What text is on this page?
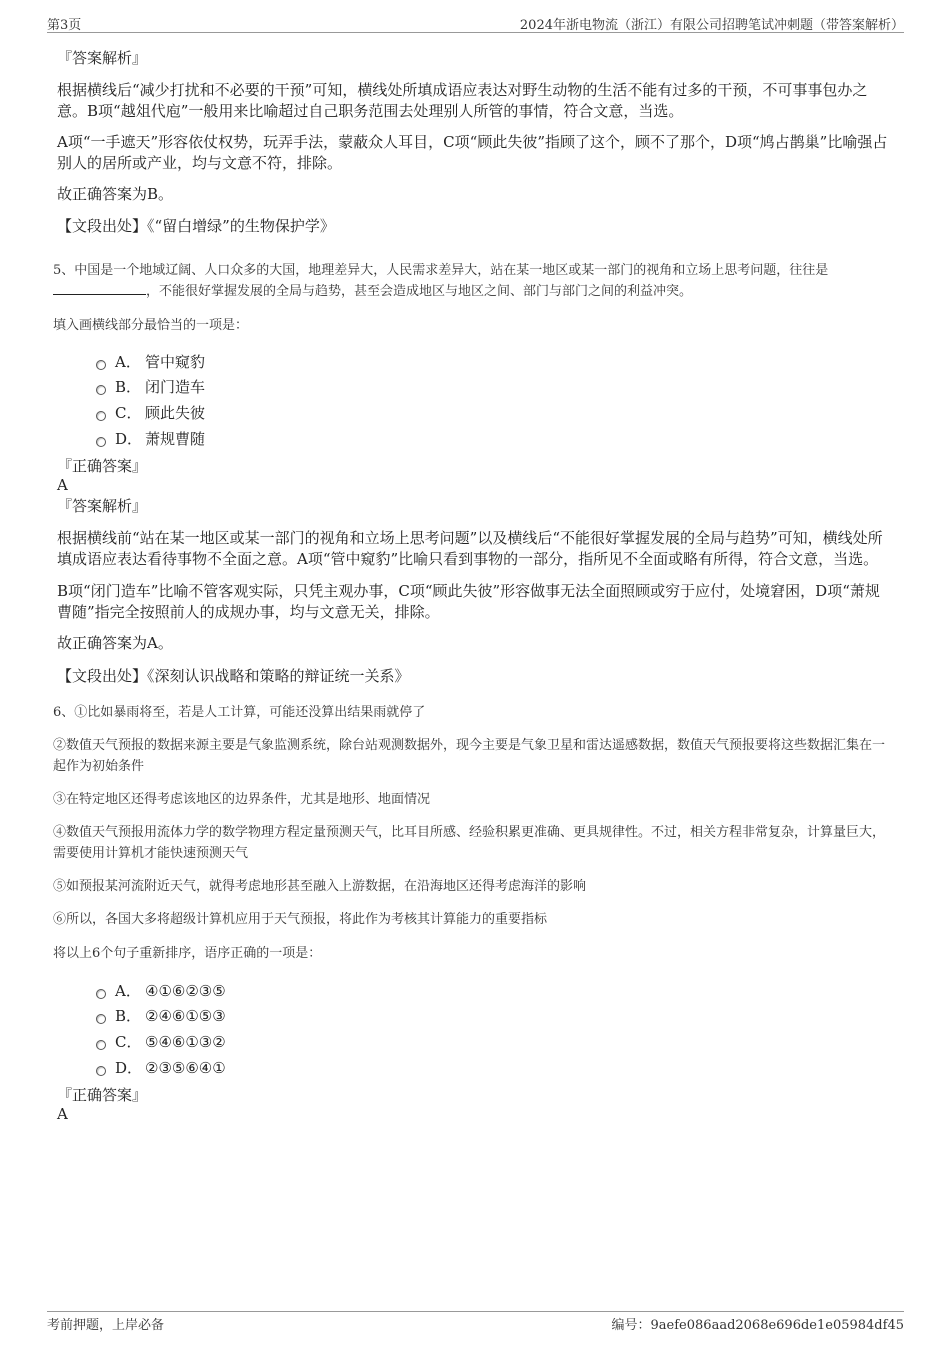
第3页	2024年浙电物流（浙江）有限公司招聘笔试冲刺题（带答案解析）
『答案解析』
根据横线后“减少打扰和不必要的干预”可知，横线处所填成语应表达对野生动物的生活不能有过多的干预，不可事事包办之意。B项“越俎代庖”一般用来比喻超过自己职务范围去处理别人所管的事情，符合文意，当选。
A项“一手遮天”形容依仗权势，玩弄手法，蒙蔽众人耳目，C项“顾此失彼”指顾了这个，顾不了那个，D项“鸠占鹊巢”比喻强占别人的居所或产业，均与文意不符，排除。
故正确答案为B。
【文段出处】《“留白增绿”的生物保护学》
5、中国是一个地域辽阔、人口众多的大国，地理差异大，人民需求差异大，站在某一地区或某一部门的视角和立场上思考问题，往往是
，不能很好掌握发展的全局与趋势，甚至会造成地区与地区之间、部门与部门之间的利益冲突。
填入画横线部分最恰当的一项是：
A． 管中窥豹
B． 闭门造车
C． 顾此失彼
D． 萧规曹随
『正确答案』
A
『答案解析』
根据横线前“站在某一地区或某一部门的视角和立场上思考问题”以及横线后“不能很好掌握发展的全局与趋势”可知，横线处所填成语应表达看待事物不全面之意。A项“管中窥豹”比喻只看到事物的一部分，指所见不全面或略有所得，符合文意，当选。
B项“闭门造车”比喻不管客观实际，只凭主观办事，C项“顾此失彼”形容做事无法全面照顾或穷于应付，处境窘困，D项“萧规曹随”指完全按照前人的成规办事，均与文意无关，排除。
故正确答案为A。
【文段出处】《深刻认识战略和策略的辩证统一关系》
6、①比如暴雨将至，若是人工计算，可能还没算出结果雨就停了
②数值天气预报的数据来源主要是气象监测系统，除台站观测数据外，现今主要是气象卫星和雷达遥感数据，数值天气预报要将这些数据汇集在一起作为初始条件
③在特定地区还得考虑该地区的边界条件，尤其是地形、地面情况
④数值天气预报用流体力学的数学物理方程定量预测天气，比耳目所感、经验积累更准确、更具规律性。不过，相关方程非常复杂，计算量巨大，需要使用计算机才能快速预测天气
⑤如预报某河流附近天气，就得考虑地形甚至融入上游数据，在沿海地区还得考虑海洋的影响
⑥所以，各国大多将超级计算机应用于天气预报，将此作为考核其计算能力的重要指标
将以上6个句子重新排序，语序正确的一项是：
A． ④①⑥②③⑤
B． ②④⑥①⑤③
C． ⑤④⑥①③②
D． ②③⑤⑥④①
『正确答案』
A
考前押题，上岸必备	编号：9aefe086aad2068e696de1e05984df45
